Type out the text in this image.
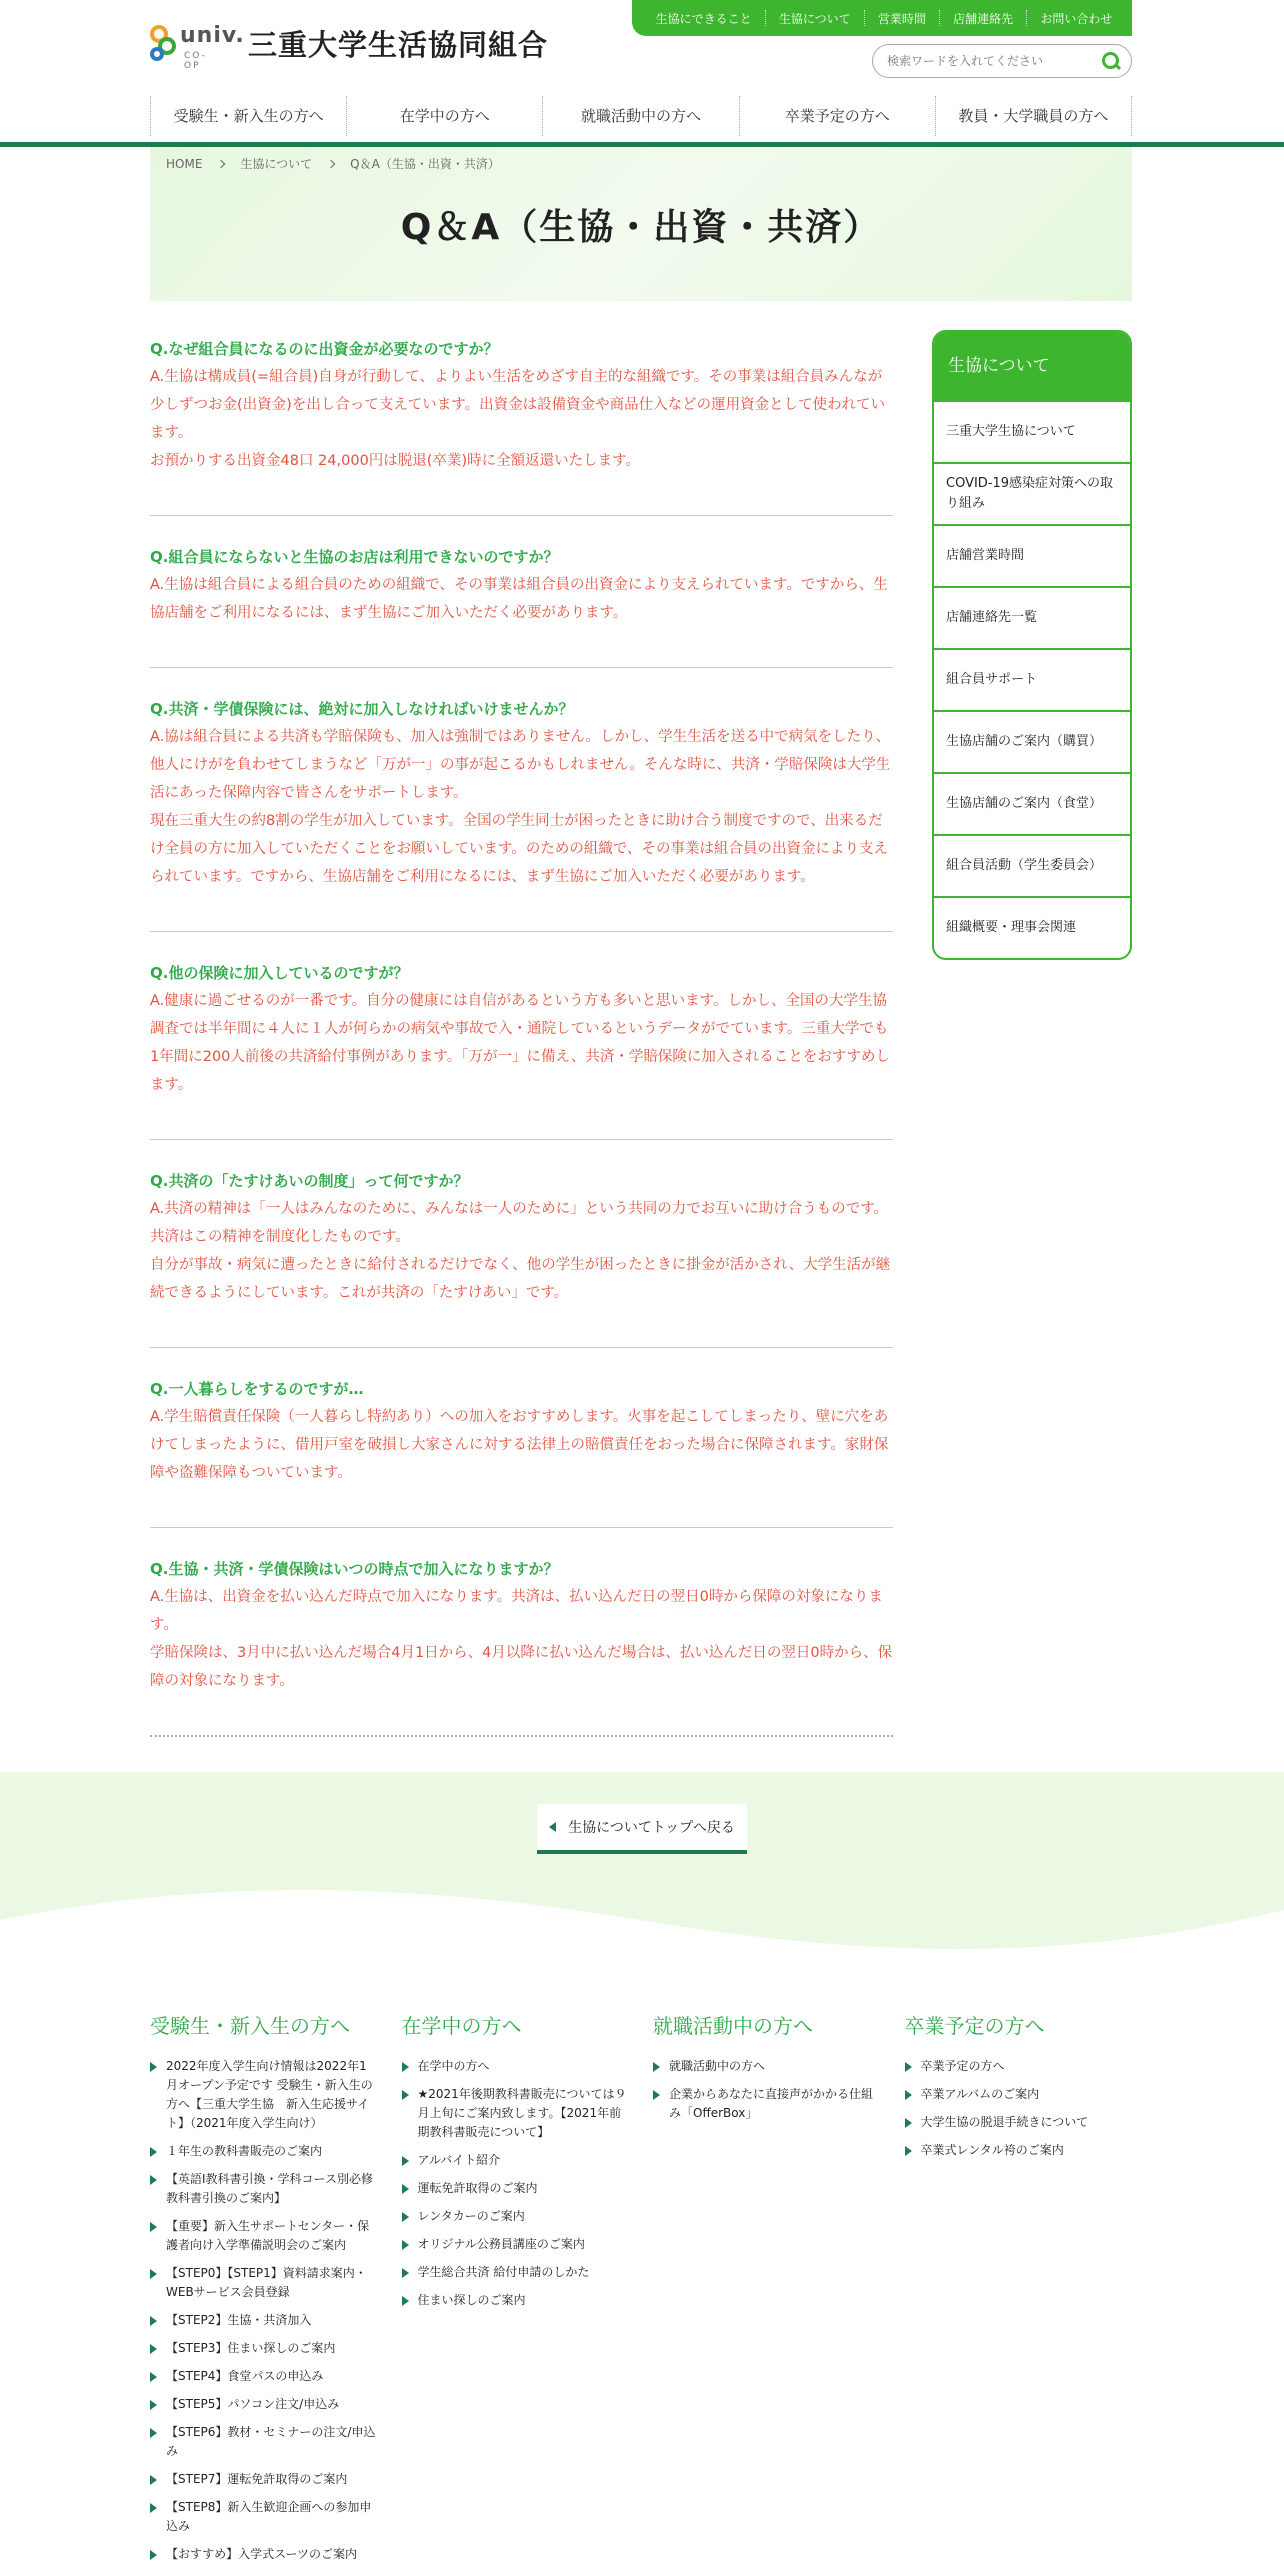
univ.
CO-OP
三重大学生活協同組合
生協にできること	生協について	営業時間	店舗連絡先	お問い合わせ
検索ワードを入れてください
受験生・新入生の方へ	在学中の方へ	就職活動中の方へ	卒業予定の方へ	教員・大学職員の方へ
HOME	生協について	Q＆A（生協・出資・共済）
Q＆A（生協・出資・共済）

Q.なぜ組合員になるのに出資金が必要なのですか？

A.生協は構成員(=組合員)自身が行動して、よりよい生活をめざす自主的な組織です。その事業は組合員みんなが少しずつお金(出資金)を出し合って支えています。出資金は設備資金や商品仕入などの運用資金として使われています。

お預かりする出資金48口 24,000円は脱退(卒業)時に全額返還いたします。

Q.組合員にならないと生協のお店は利用できないのですか？

A.生協は組合員による組合員のための組織で、その事業は組合員の出資金により支えられています。ですから、生協店舗をご利用になるには、まず生協にご加入いただく必要があります。

Q.共済・学債保険には、絶対に加入しなければいけませんか？

A.協は組合員による共済も学賠保険も、加入は強制ではありません。しかし、学生生活を送る中で病気をしたり、他人にけがを負わせてしまうなど「万が一」の事が起こるかもしれません。そんな時に、共済・学賠保険は大学生活にあった保障内容で皆さんをサポートします。

現在三重大生の約8割の学生が加入しています。全国の学生同士が困ったときに助け合う制度ですので、出来るだけ全員の方に加入していただくことをお願いしています。のための組織で、その事業は組合員の出資金により支えられています。ですから、生協店舗をご利用になるには、まず生協にご加入いただく必要があります。

Q.他の保険に加入しているのですが？

A.健康に過ごせるのが一番です。自分の健康には自信があるという方も多いと思います。しかし、全国の大学生協調査では半年間に４人に１人が何らかの病気や事故で入・通院しているというデータがでています。三重大学でも1年間に200人前後の共済給付事例があります。「万が一」に備え、共済・学賠保険に加入されることをおすすめします。

Q.共済の「たすけあいの制度」って何ですか？

A.共済の精神は「一人はみんなのために、みんなは一人のために」という共同の力でお互いに助け合うものです。共済はこの精神を制度化したものです。

自分が事故・病気に遭ったときに給付されるだけでなく、他の学生が困ったときに掛金が活かされ、大学生活が継続できるようにしています。これが共済の「たすけあい」です。

Q.一人暮らしをするのですが…

A.学生賠償責任保険（一人暮らし特約あり）への加入をおすすめします。火事を起こしてしまったり、壁に穴をあけてしまったように、借用戸室を破損し大家さんに対する法律上の賠償責任をおった場合に保障されます。家財保障や盗難保障もついています。

Q.生協・共済・学債保険はいつの時点で加入になりますか？

A.生協は、出資金を払い込んだ時点で加入になります。共済は、払い込んだ日の翌日0時から保障の対象になります。

学賠保険は、3月中に払い込んだ場合4月1日から、4月以降に払い込んだ場合は、払い込んだ日の翌日0時から、保障の対象になります。

生協について
三重大学生協について
COVID-19感染症対策への取り組み
店舗営業時間
店舗連絡先一覧
組合員サポート
生協店舗のご案内（購買）
生協店舗のご案内（食堂）
組合員活動（学生委員会）
組織概要・理事会関連
生協についてトップへ戻る
受験生・新入生の方へ
2022年度入学生向け情報は2022年1月オープン予定です 受験生・新入生の方へ【三重大学生協　新入生応援サイト】（2021年度入学生向け）
１年生の教科書販売のご案内
【英語Ⅰ教科書引換・学科コース別必修教科書引換のご案内】
【重要】新入生サポートセンター・保護者向け入学準備説明会のご案内
【STEP0】【STEP1】資料請求案内・WEBサービス会員登録
【STEP2】生協・共済加入
【STEP3】住まい探しのご案内
【STEP4】食堂パスの申込み
【STEP5】パソコン注文/申込み
【STEP6】教材・セミナーの注文/申込み
【STEP7】運転免許取得のご案内
【STEP8】新入生歓迎企画への参加申込み
【おすすめ】入学式スーツのご案内
在学中の方へ
在学中の方へ
★2021年後期教科書販売については９月上旬にご案内致します。【2021年前期教科書販売について】
アルバイト紹介
運転免許取得のご案内
レンタカーのご案内
オリジナル公務員講座のご案内
学生総合共済 給付申請のしかた
住まい探しのご案内
就職活動中の方へ
就職活動中の方へ
企業からあなたに直接声がかかる仕組み「OfferBox」
卒業予定の方へ
卒業予定の方へ
卒業アルバムのご案内
大学生協の脱退手続きについて
卒業式レンタル袴のご案内
